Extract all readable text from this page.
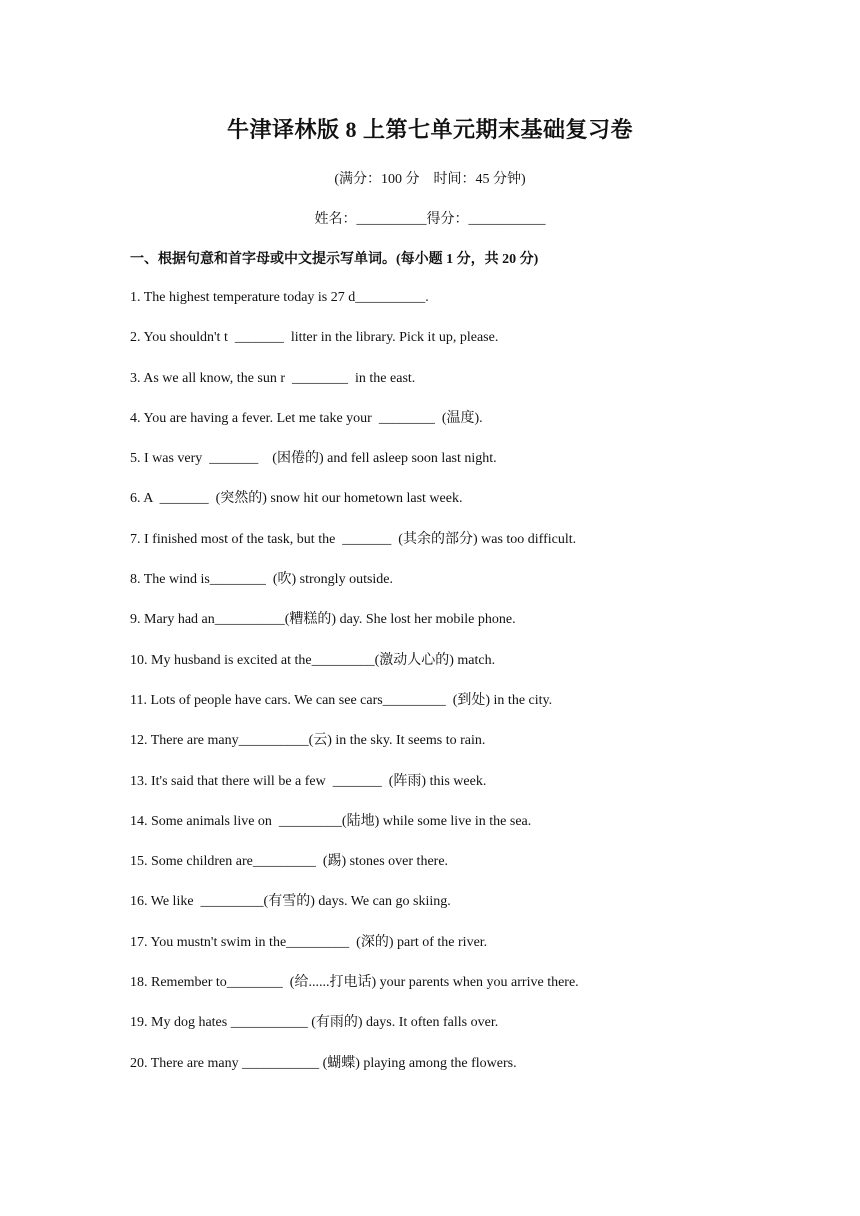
牛津译林版 8 上第七单元期末基础复习卷
(满分：100 分　时间：45 分钟)
姓名：__________得分：___________
一、根据句意和首字母或中文提示写单词。(每小题 1 分，共 20 分)
1. The highest temperature today is 27 d__________.
2. You shouldn't t  _______  litter in the library. Pick it up, please.
3. As we all know, the sun r  ________  in the east.
4. You are having a fever. Let me take your  ________  (温度).
5. I was very  _______    (困倦的) and fell asleep soon last night.
6. A  _______  (突然的) snow hit our hometown last week.
7. I finished most of the task, but the  _______  (其余的部分) was too difficult.
8. The wind is________  (吹) strongly outside.
9. Mary had an__________(糟糕的) day. She lost her mobile phone.
10. My husband is excited at the_________(激动人心的) match.
11. Lots of people have cars. We can see cars_________  (到处) in the city.
12. There are many__________(云) in the sky. It seems to rain.
13. It's said that there will be a few  _______  (阵雨) this week.
14. Some animals live on  _________(陆地) while some live in the sea.
15. Some children are_________  (踢) stones over there.
16. We like  _________(有雪的) days. We can go skiing.
17. You mustn't swim in the_________  (深的) part of the river.
18. Remember to________  (给......打电话) your parents when you arrive there.
19. My dog hates ___________ (有雨的) days. It often falls over.
20. There are many ___________ (蝴蝶) playing among the flowers.
